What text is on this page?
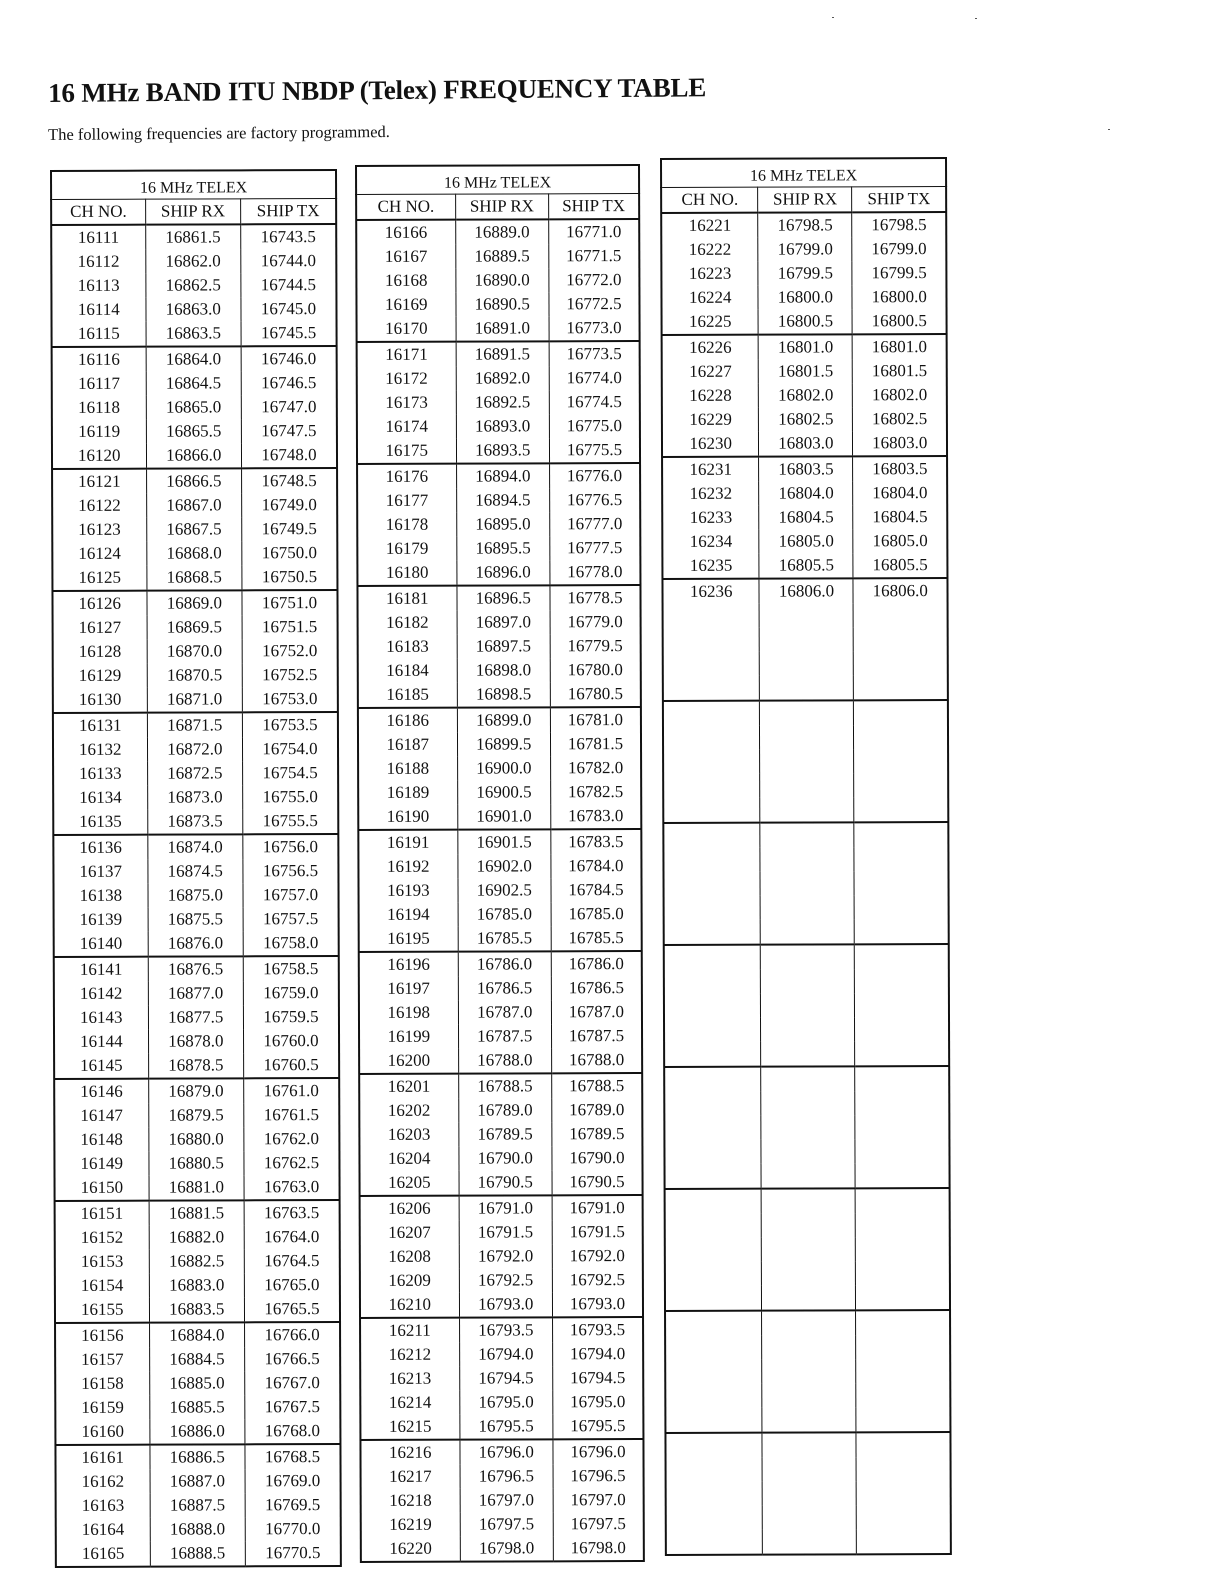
16 MHz BAND ITU NBDP (Telex) FREQUENCY TABLE
The following frequencies are factory programmed.
16 MHz TELEX		
CH NO.	SHIP RX	SHIP TX
16111	16861.5	16743.5
16112	16862.0	16744.0
16113	16862.5	16744.5
16114	16863.0	16745.0
16115	16863.5	16745.5
16116	16864.0	16746.0
16117	16864.5	16746.5
16118	16865.0	16747.0
16119	16865.5	16747.5
16120	16866.0	16748.0
16121	16866.5	16748.5
16122	16867.0	16749.0
16123	16867.5	16749.5
16124	16868.0	16750.0
16125	16868.5	16750.5
16126	16869.0	16751.0
16127	16869.5	16751.5
16128	16870.0	16752.0
16129	16870.5	16752.5
16130	16871.0	16753.0
16131	16871.5	16753.5
16132	16872.0	16754.0
16133	16872.5	16754.5
16134	16873.0	16755.0
16135	16873.5	16755.5
16136	16874.0	16756.0
16137	16874.5	16756.5
16138	16875.0	16757.0
16139	16875.5	16757.5
16140	16876.0	16758.0
16141	16876.5	16758.5
16142	16877.0	16759.0
16143	16877.5	16759.5
16144	16878.0	16760.0
16145	16878.5	16760.5
16146	16879.0	16761.0
16147	16879.5	16761.5
16148	16880.0	16762.0
16149	16880.5	16762.5
16150	16881.0	16763.0
16151	16881.5	16763.5
16152	16882.0	16764.0
16153	16882.5	16764.5
16154	16883.0	16765.0
16155	16883.5	16765.5
16156	16884.0	16766.0
16157	16884.5	16766.5
16158	16885.0	16767.0
16159	16885.5	16767.5
16160	16886.0	16768.0
16161	16886.5	16768.5
16162	16887.0	16769.0
16163	16887.5	16769.5
16164	16888.0	16770.0
16165	16888.5	16770.5
16 MHz TELEX		
CH NO.	SHIP RX	SHIP TX
16166	16889.0	16771.0
16167	16889.5	16771.5
16168	16890.0	16772.0
16169	16890.5	16772.5
16170	16891.0	16773.0
16171	16891.5	16773.5
16172	16892.0	16774.0
16173	16892.5	16774.5
16174	16893.0	16775.0
16175	16893.5	16775.5
16176	16894.0	16776.0
16177	16894.5	16776.5
16178	16895.0	16777.0
16179	16895.5	16777.5
16180	16896.0	16778.0
16181	16896.5	16778.5
16182	16897.0	16779.0
16183	16897.5	16779.5
16184	16898.0	16780.0
16185	16898.5	16780.5
16186	16899.0	16781.0
16187	16899.5	16781.5
16188	16900.0	16782.0
16189	16900.5	16782.5
16190	16901.0	16783.0
16191	16901.5	16783.5
16192	16902.0	16784.0
16193	16902.5	16784.5
16194	16785.0	16785.0
16195	16785.5	16785.5
16196	16786.0	16786.0
16197	16786.5	16786.5
16198	16787.0	16787.0
16199	16787.5	16787.5
16200	16788.0	16788.0
16201	16788.5	16788.5
16202	16789.0	16789.0
16203	16789.5	16789.5
16204	16790.0	16790.0
16205	16790.5	16790.5
16206	16791.0	16791.0
16207	16791.5	16791.5
16208	16792.0	16792.0
16209	16792.5	16792.5
16210	16793.0	16793.0
16211	16793.5	16793.5
16212	16794.0	16794.0
16213	16794.5	16794.5
16214	16795.0	16795.0
16215	16795.5	16795.5
16216	16796.0	16796.0
16217	16796.5	16796.5
16218	16797.0	16797.0
16219	16797.5	16797.5
16220	16798.0	16798.0
16 MHz TELEX		
CH NO.	SHIP RX	SHIP TX
16221	16798.5	16798.5
16222	16799.0	16799.0
16223	16799.5	16799.5
16224	16800.0	16800.0
16225	16800.5	16800.5
16226	16801.0	16801.0
16227	16801.5	16801.5
16228	16802.0	16802.0
16229	16802.5	16802.5
16230	16803.0	16803.0
16231	16803.5	16803.5
16232	16804.0	16804.0
16233	16804.5	16804.5
16234	16805.0	16805.0
16235	16805.5	16805.5
16236	16806.0	16806.0
